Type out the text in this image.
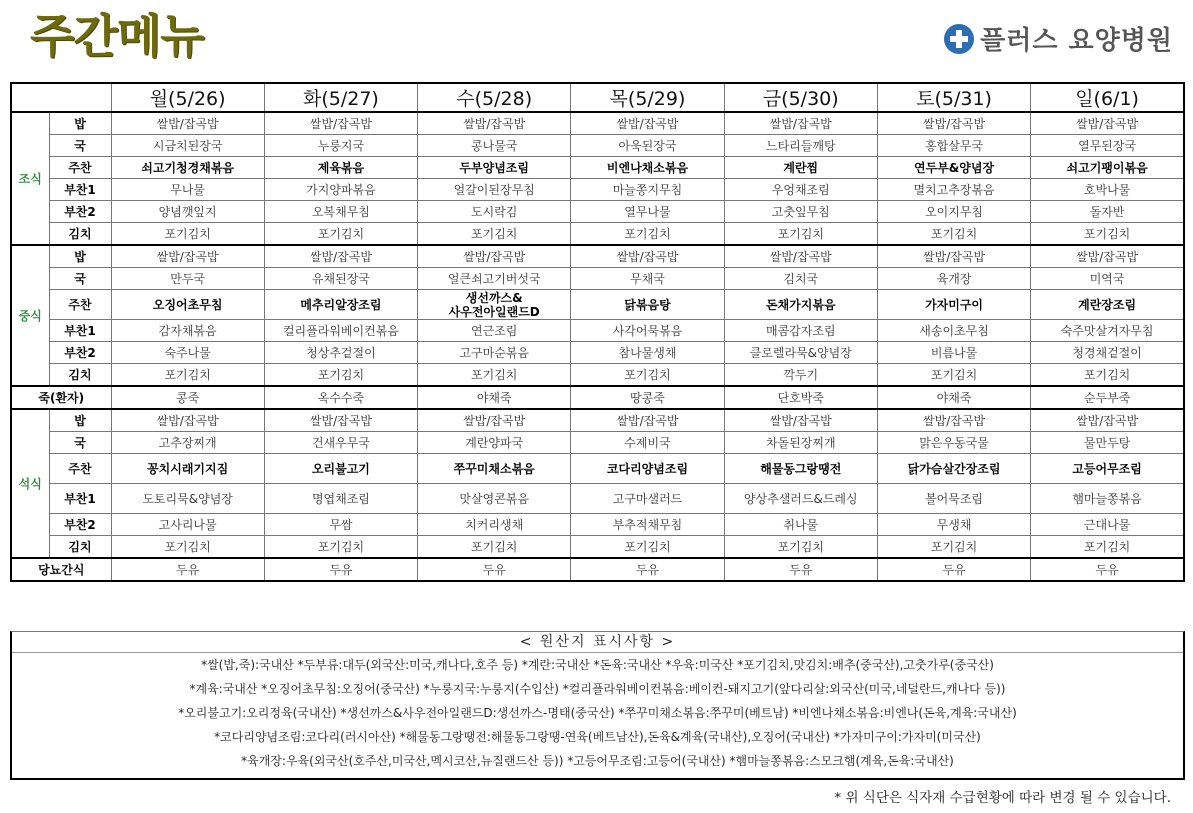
주간메뉴	플러스 요양병원
		월(5/26)	화(5/27)	수(5/28)	목(5/29)	금(5/30)	토(5/31)	일(6/1)
조식	밥	쌀밥/잡곡밥	쌀밥/잡곡밥	쌀밥/잡곡밥	쌀밥/잡곡밥	쌀밥/잡곡밥	쌀밥/잡곡밥	쌀밥/잡곡밥
	국	시금치된장국	누룽지국	콩나물국	아욱된장국	느타리들깨탕	홍합살무국	열무된장국
	주찬	쇠고기청경채볶음	제육볶음	두부양념조림	비엔나채소볶음	계란찜	연두부&양념장	쇠고기팽이볶음
	부찬1	무나물	가지양파볶음	얼갈이된장무침	마늘쫑지무침	우엉채조림	멸치고추장볶음	호박나물
	부찬2	양념깻잎지	오복채무침	도시락김	열무나물	고춧잎무침	오이지무침	돌자반
	김치	포기김치	포기김치	포기김치	포기김치	포기김치	포기김치	포기김치
중식	밥	쌀밥/잡곡밥	쌀밥/잡곡밥	쌀밥/잡곡밥	쌀밥/잡곡밥	쌀밥/잡곡밥	쌀밥/잡곡밥	쌀밥/잡곡밥
	국	만두국	유채된장국	얼큰쇠고기버섯국	무채국	김치국	육개장	미역국
	주찬	오징어초무침	메추리알장조림	생선까스&
사우전아일랜드D	닭볶음탕	돈채가지볶음	가자미구이	계란장조림
	부찬1	감자채볶음	컬리플라워베이컨볶음	연근조림	사각어묵볶음	매콤감자조림	새송이초무침	숙주맛살겨자무침
	부찬2	숙주나물	청상추겉절이	고구마순볶음	참나물생채	클로렐라묵&양념장	비름나물	청경채겉절이
	김치	포기김치	포기김치	포기김치	포기김치	깍두기	포기김치	포기김치
죽(환자)		콩죽	옥수수죽	야채죽	땅콩죽	단호박죽	야채죽	순두부죽
석식	밥	쌀밥/잡곡밥	쌀밥/잡곡밥	쌀밥/잡곡밥	쌀밥/잡곡밥	쌀밥/잡곡밥	쌀밥/잡곡밥	쌀밥/잡곡밥
	국	고추장찌개	건새우무국	계란양파국	수제비국	차돌된장찌개	맑은우동국물	물만두탕
	주찬	꽁치시래기지짐	오리불고기	쭈꾸미채소볶음	코다리양념조림	해물동그랑땡전	닭가슴살간장조림	고등어무조림
	부찬1	도토리묵&양념장	명엽채조림	맛살영콘볶음	고구마샐러드	양상추샐러드&드레싱	볼어묵조림	햄마늘쫑볶음
	부찬2	고사리나물	무쌈	치커리생채	부추적채무침	취나물	무생채	근대나물
	김치	포기김치	포기김치	포기김치	포기김치	포기김치	포기김치	포기김치
당뇨간식		두유	두유	두유	두유	두유	두유	두유
< 원산지 표시사항 >
*쌀(밥,죽):국내산 *두부류:대두(외국산:미국,캐나다,호주 등) *계란:국내산 *돈육:국내산 *우육:미국산 *포기김치,맛김치:배추(중국산),고춧가루(중국산)
*계육:국내산 *오징어초무침:오징어(중국산) *누룽지국:누룽지(수입산) *컬리플라워베이컨볶음:베이컨-돼지고기(앞다리살:외국산(미국,네덜란드,캐나다 등))
*오리불고기:오리정육(국내산) *생선까스&사우전아일랜드D:생선까스-명태(중국산) *쭈꾸미채소볶음:쭈꾸미(베트남) *비엔나채소볶음:비엔나(돈육,계육:국내산)
*코다리양념조림:코다리(러시아산) *해물동그랑땡전:해물동그랑땡-연육(베트남산),돈육&계육(국내산),오징어(국내산) *가자미구이:가자미(미국산)
*육개장:우육(외국산(호주산,미국산,멕시코산,뉴질랜드산 등)) *고등어무조림:고등어(국내산) *햄마늘쫑볶음:스모크햄(계육,돈육:국내산)
* 위 식단은 식자재 수급현황에 따라 변경 될 수 있습니다.
